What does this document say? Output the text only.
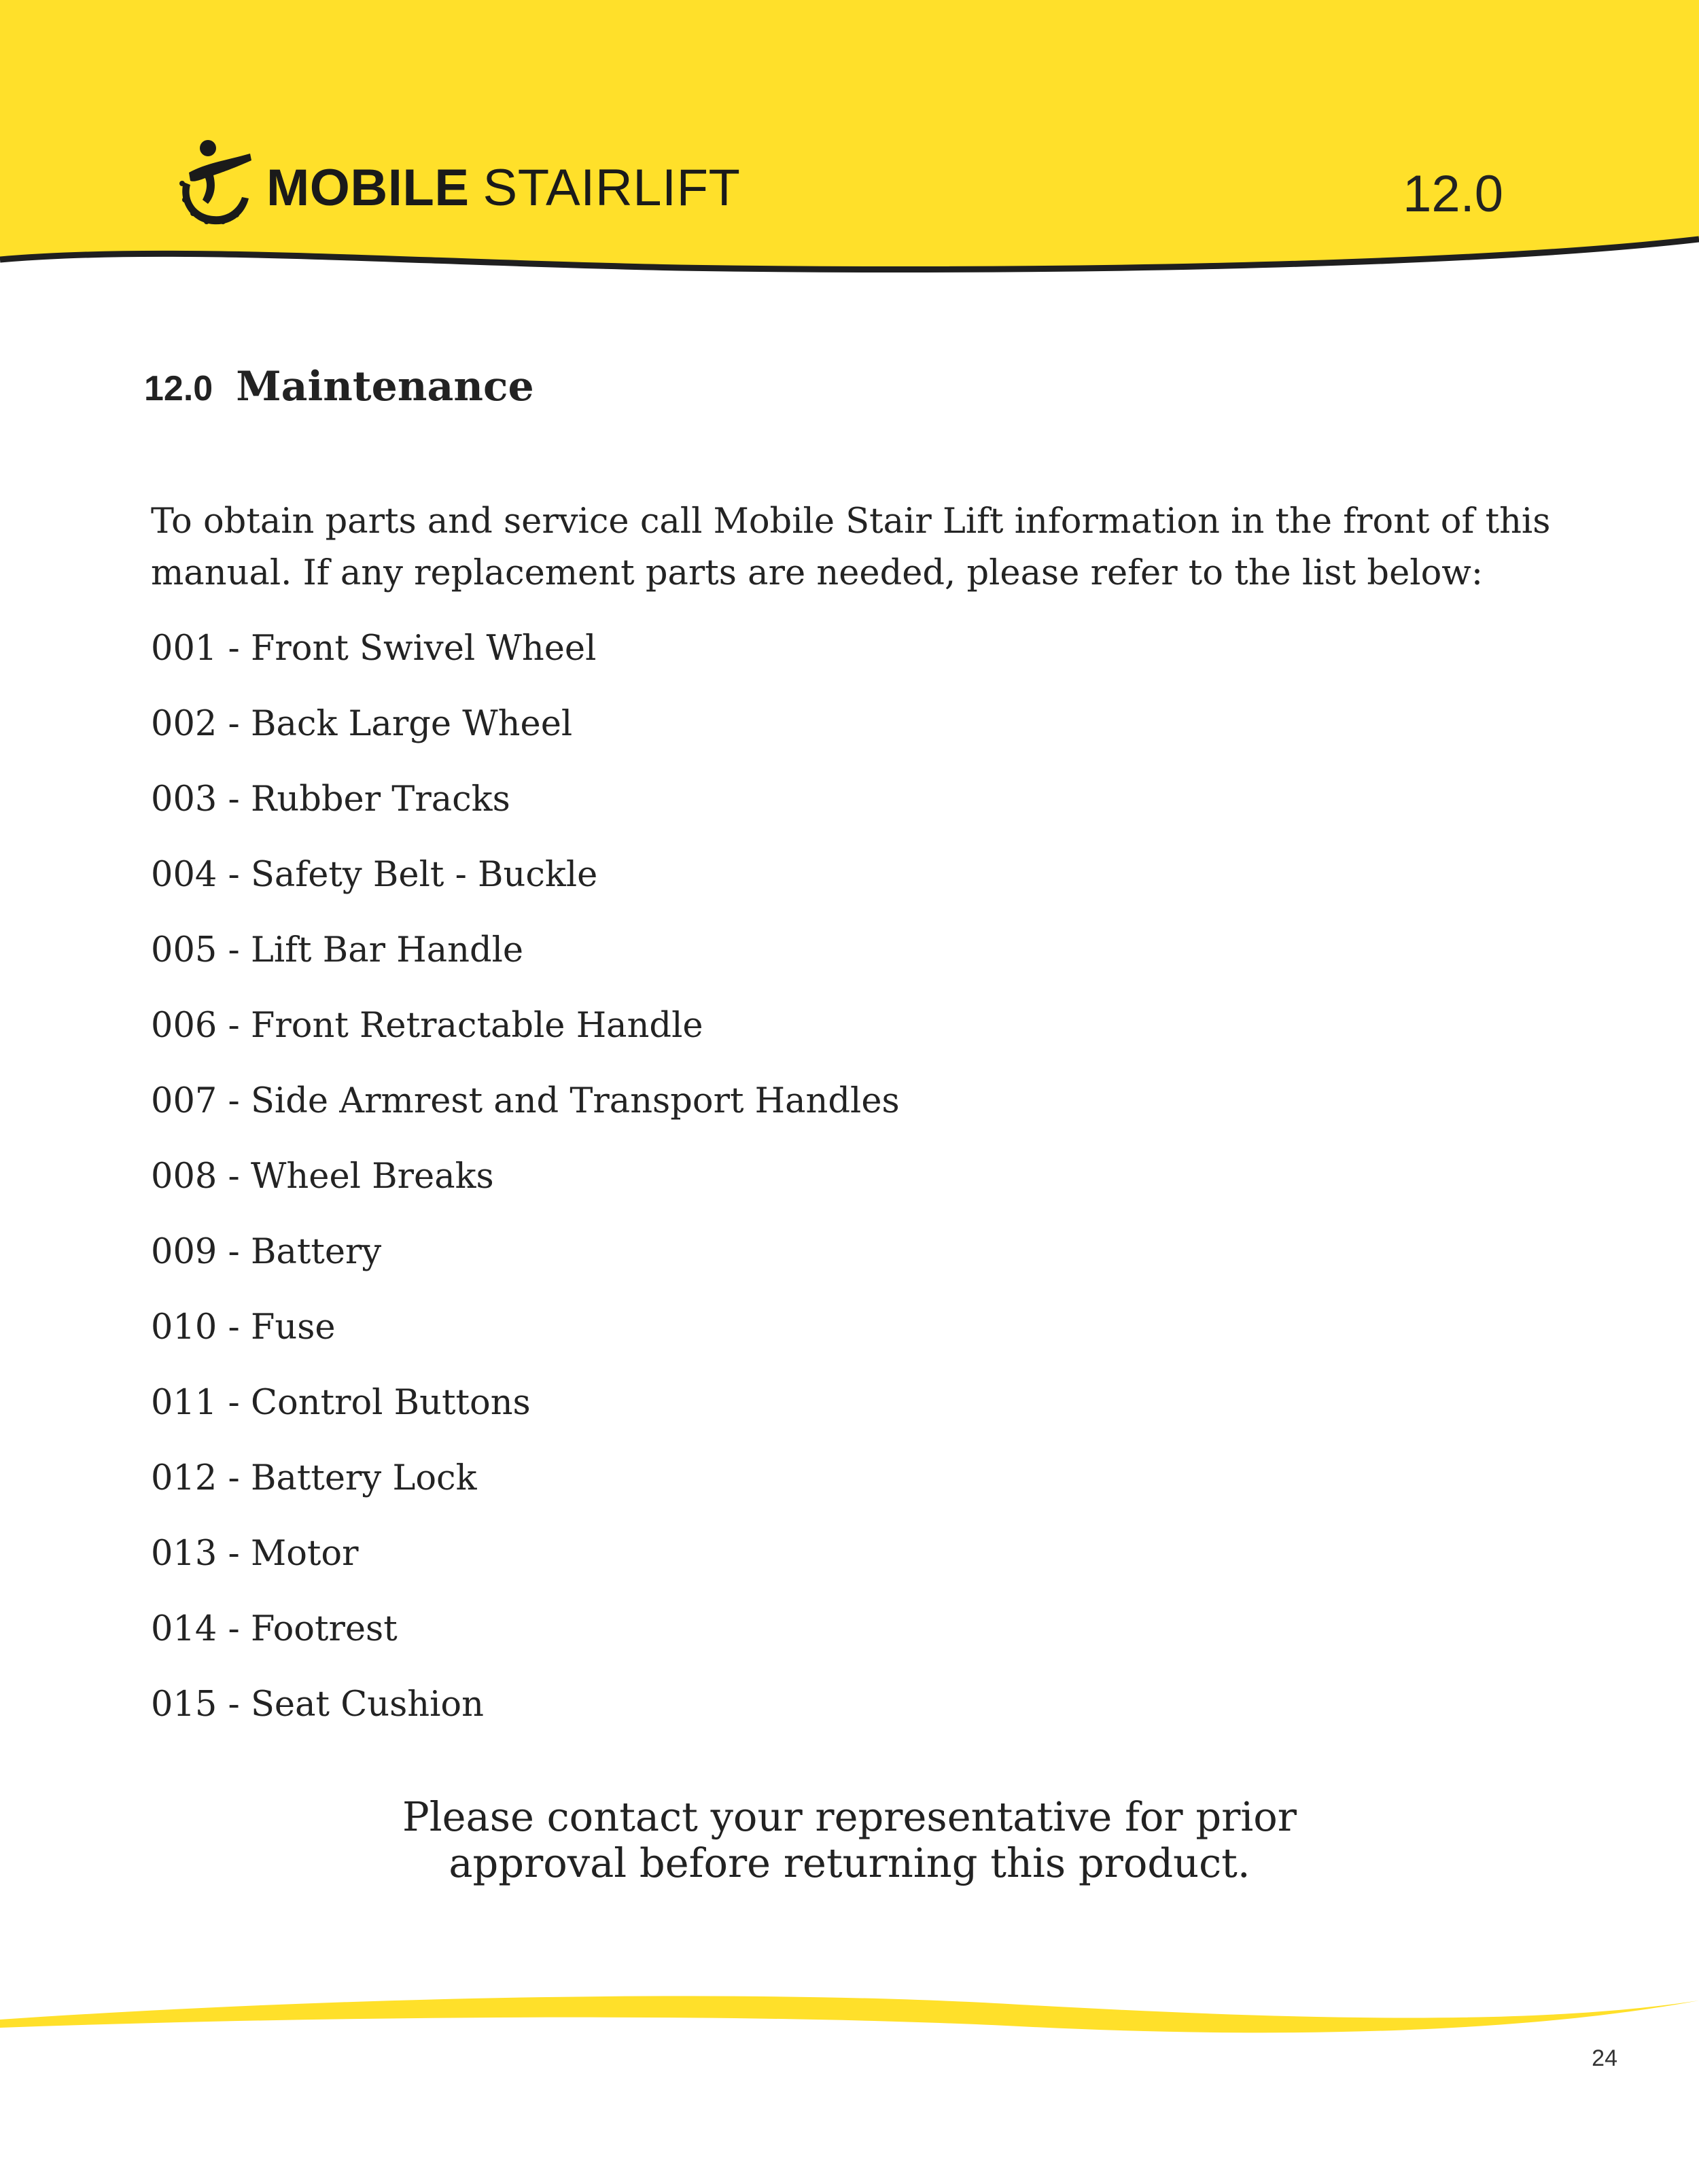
MOBILE STAIRLIFT	12.0
12.0 Maintenance

To obtain parts and service call Mobile Stair Lift information in the front of this
manual. If any replacement parts are needed, please refer to the list below:

001 - Front Swivel Wheel
002 - Back Large Wheel
003 - Rubber Tracks
004 - Safety Belt - Buckle
005 - Lift Bar Handle
006 - Front Retractable Handle
007 - Side Armrest and Transport Handles
008 - Wheel Breaks
009 - Battery
010 - Fuse
011 - Control Buttons
012 - Battery Lock
013 - Motor
014 - Footrest
015 - Seat Cushion
Please contact your representative for prior
approval before returning this product.
24
